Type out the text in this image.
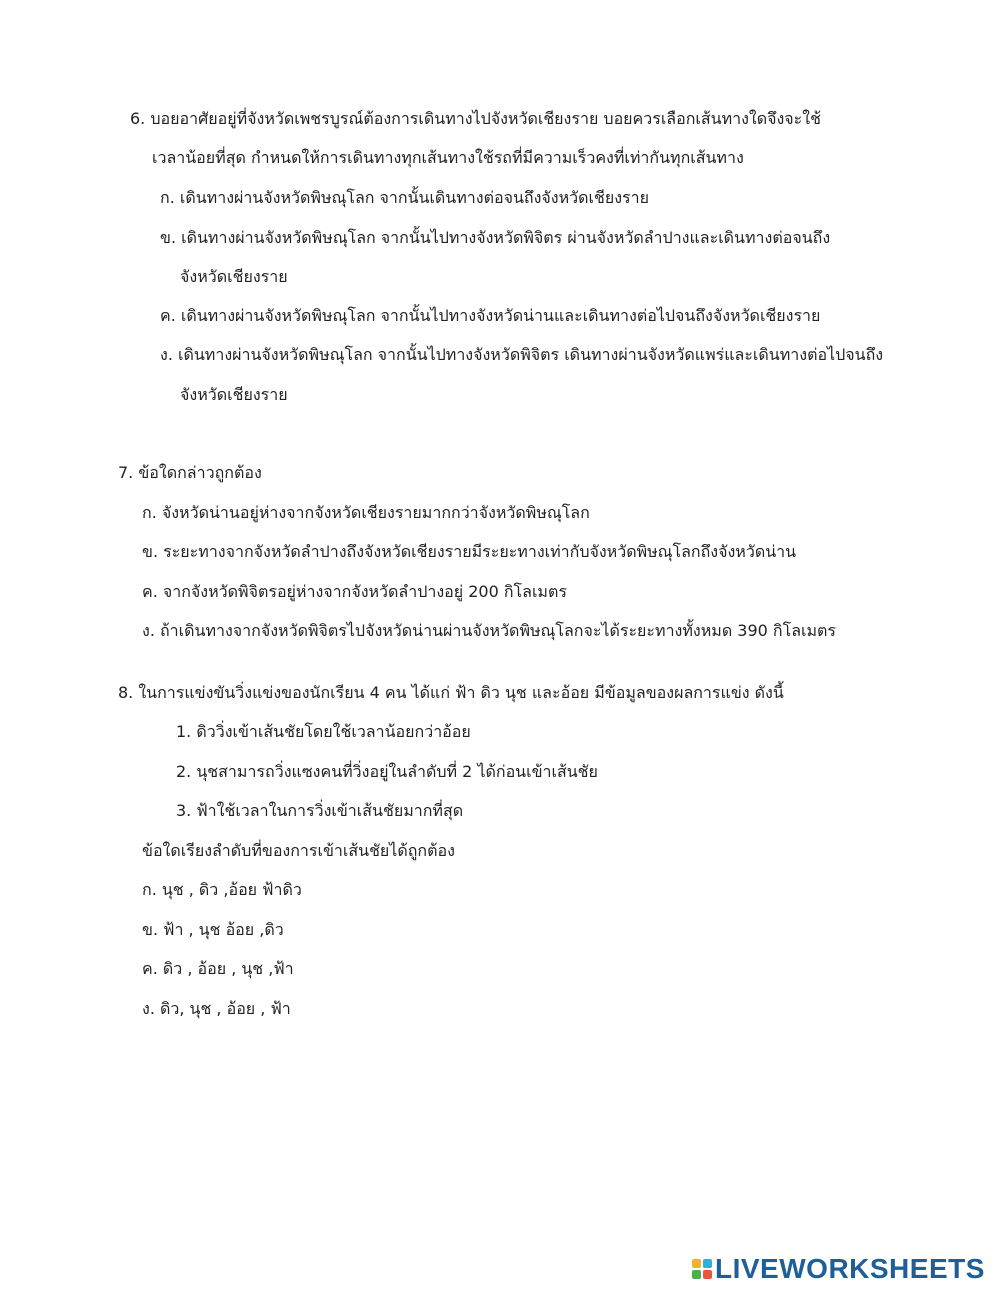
6. บอยอาศัยอยู่ที่จังหวัดเพชรบูรณ์ต้องการเดินทางไปจังหวัดเชียงราย บอยควรเลือกเส้นทางใดจึงจะใช้
เวลาน้อยที่สุด กำหนดให้การเดินทางทุกเส้นทางใช้รถที่มีความเร็วคงที่เท่ากันทุกเส้นทาง
ก. เดินทางผ่านจังหวัดพิษณุโลก จากนั้นเดินทางต่อจนถึงจังหวัดเชียงราย
ข. เดินทางผ่านจังหวัดพิษณุโลก จากนั้นไปทางจังหวัดพิจิตร ผ่านจังหวัดลำปางและเดินทางต่อจนถึง
จังหวัดเชียงราย
ค. เดินทางผ่านจังหวัดพิษณุโลก จากนั้นไปทางจังหวัดน่านและเดินทางต่อไปจนถึงจังหวัดเชียงราย
ง. เดินทางผ่านจังหวัดพิษณุโลก จากนั้นไปทางจังหวัดพิจิตร เดินทางผ่านจังหวัดแพร่และเดินทางต่อไปจนถึง
จังหวัดเชียงราย
7. ข้อใดกล่าวถูกต้อง
ก. จังหวัดน่านอยู่ห่างจากจังหวัดเชียงรายมากกว่าจังหวัดพิษณุโลก
ข. ระยะทางจากจังหวัดลำปางถึงจังหวัดเชียงรายมีระยะทางเท่ากับจังหวัดพิษณุโลกถึงจังหวัดน่าน
ค. จากจังหวัดพิจิตรอยู่ห่างจากจังหวัดลำปางอยู่ 200 กิโลเมตร
ง. ถ้าเดินทางจากจังหวัดพิจิตรไปจังหวัดน่านผ่านจังหวัดพิษณุโลกจะได้ระยะทางทั้งหมด 390 กิโลเมตร
8. ในการแข่งขันวิ่งแข่งของนักเรียน 4 คน ได้แก่ ฟ้า ดิว นุช และอ้อย มีข้อมูลของผลการแข่ง ดังนี้
1. ดิววิ่งเข้าเส้นชัยโดยใช้เวลาน้อยกว่าอ้อย
2. นุชสามารถวิ่งแซงคนที่วิ่งอยู่ในลำดับที่ 2 ได้ก่อนเข้าเส้นชัย
3. ฟ้าใช้เวลาในการวิ่งเข้าเส้นชัยมากที่สุด
ข้อใดเรียงลำดับที่ของการเข้าเส้นชัยได้ถูกต้อง
ก. นุช , ดิว ,อ้อย ฟ้าดิว
ข. ฟ้า , นุช อ้อย ,ดิว
ค. ดิว , อ้อย , นุช ,ฟ้า
ง. ดิว, นุช , อ้อย , ฟ้า
LIVEWORKSHEETS
